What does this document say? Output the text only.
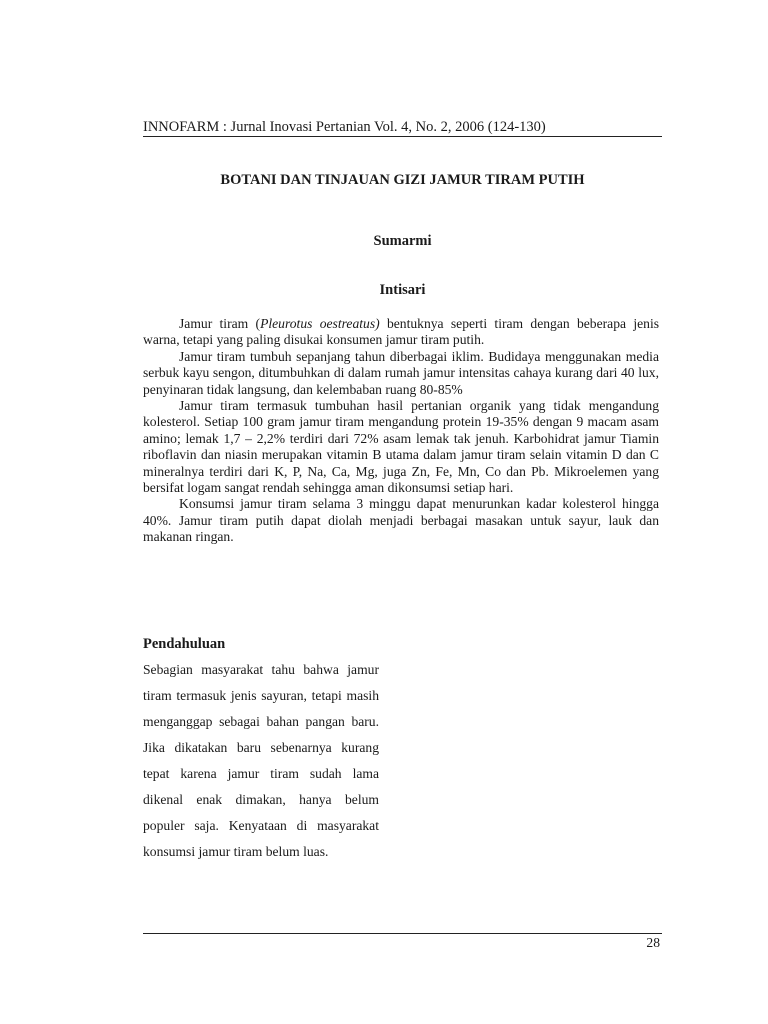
INNOFARM : Jurnal Inovasi Pertanian Vol. 4, No. 2, 2006 (124-130)
BOTANI DAN TINJAUAN GIZI JAMUR TIRAM PUTIH
Sumarmi
Intisari

Jamur tiram (Pleurotus oestreatus) bentuknya seperti tiram dengan beberapa jenis warna, tetapi yang paling disukai konsumen jamur tiram putih.

Jamur tiram tumbuh sepanjang tahun diberbagai iklim. Budidaya menggunakan media serbuk kayu sengon, ditumbuhkan di dalam rumah jamur intensitas cahaya kurang dari 40 lux, penyinaran tidak langsung, dan kelembaban ruang 80-85%

Jamur tiram termasuk tumbuhan hasil pertanian organik yang tidak mengandung kolesterol. Setiap 100 gram jamur tiram mengandung protein 19-35% dengan 9 macam asam amino; lemak 1,7 – 2,2% terdiri dari 72% asam lemak tak jenuh. Karbohidrat jamur Tiamin riboflavin dan niasin merupakan vitamin B utama dalam jamur tiram selain vitamin D dan C mineralnya terdiri dari K, P, Na, Ca, Mg, juga Zn, Fe, Mn, Co dan Pb. Mikroelemen yang bersifat logam sangat rendah sehingga aman dikonsumsi setiap hari.

Konsumsi jamur tiram selama 3 minggu dapat menurunkan kadar kolesterol hingga 40%. Jamur tiram putih dapat diolah menjadi berbagai masakan untuk sayur, lauk dan makanan ringan.

Pendahuluan

Sebagian masyarakat tahu bahwa jamur tiram termasuk jenis sayuran, tetapi masih menganggap sebagai bahan pangan baru. Jika dikatakan baru sebenarnya kurang tepat karena jamur tiram sudah lama dikenal enak dimakan, hanya belum populer saja. Kenyataan di masyarakat konsumsi jamur tiram belum luas.

28
